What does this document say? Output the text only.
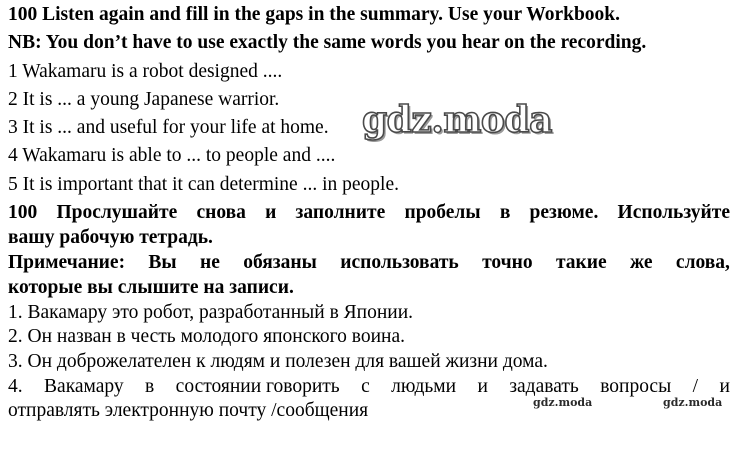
100 Listen again and fill in the gaps in the summary. Use your Workbook.
NB: You don’t have to use exactly the same words you hear on the recording.
1 Wakamaru is a robot designed ....
2 It is ... a young Japanese warrior.
3 It is ... and useful for your life at home.
4 Wakamaru is able to ... to people and ....
5 It is important that it can determine ... in people.
100 Прослушайте снова и заполните пробелы в резюме. Используйте
вашу рабочую тетрадь.
Примечание: Вы не обязаны использовать точно такие же слова,
которые вы слышите на записи.
1. Вакамару это робот, разработанный в Японии.
2. Он назван в честь молодого японского воина.
3. Он доброжелателен к людям и полезен для вашей жизни дома.
4. Вакамару в состоянии говорить с людьми и задавать вопросы / и
отправлять электронную почту /сообщения
gdz.moda
gdz.moda	gdz.moda
